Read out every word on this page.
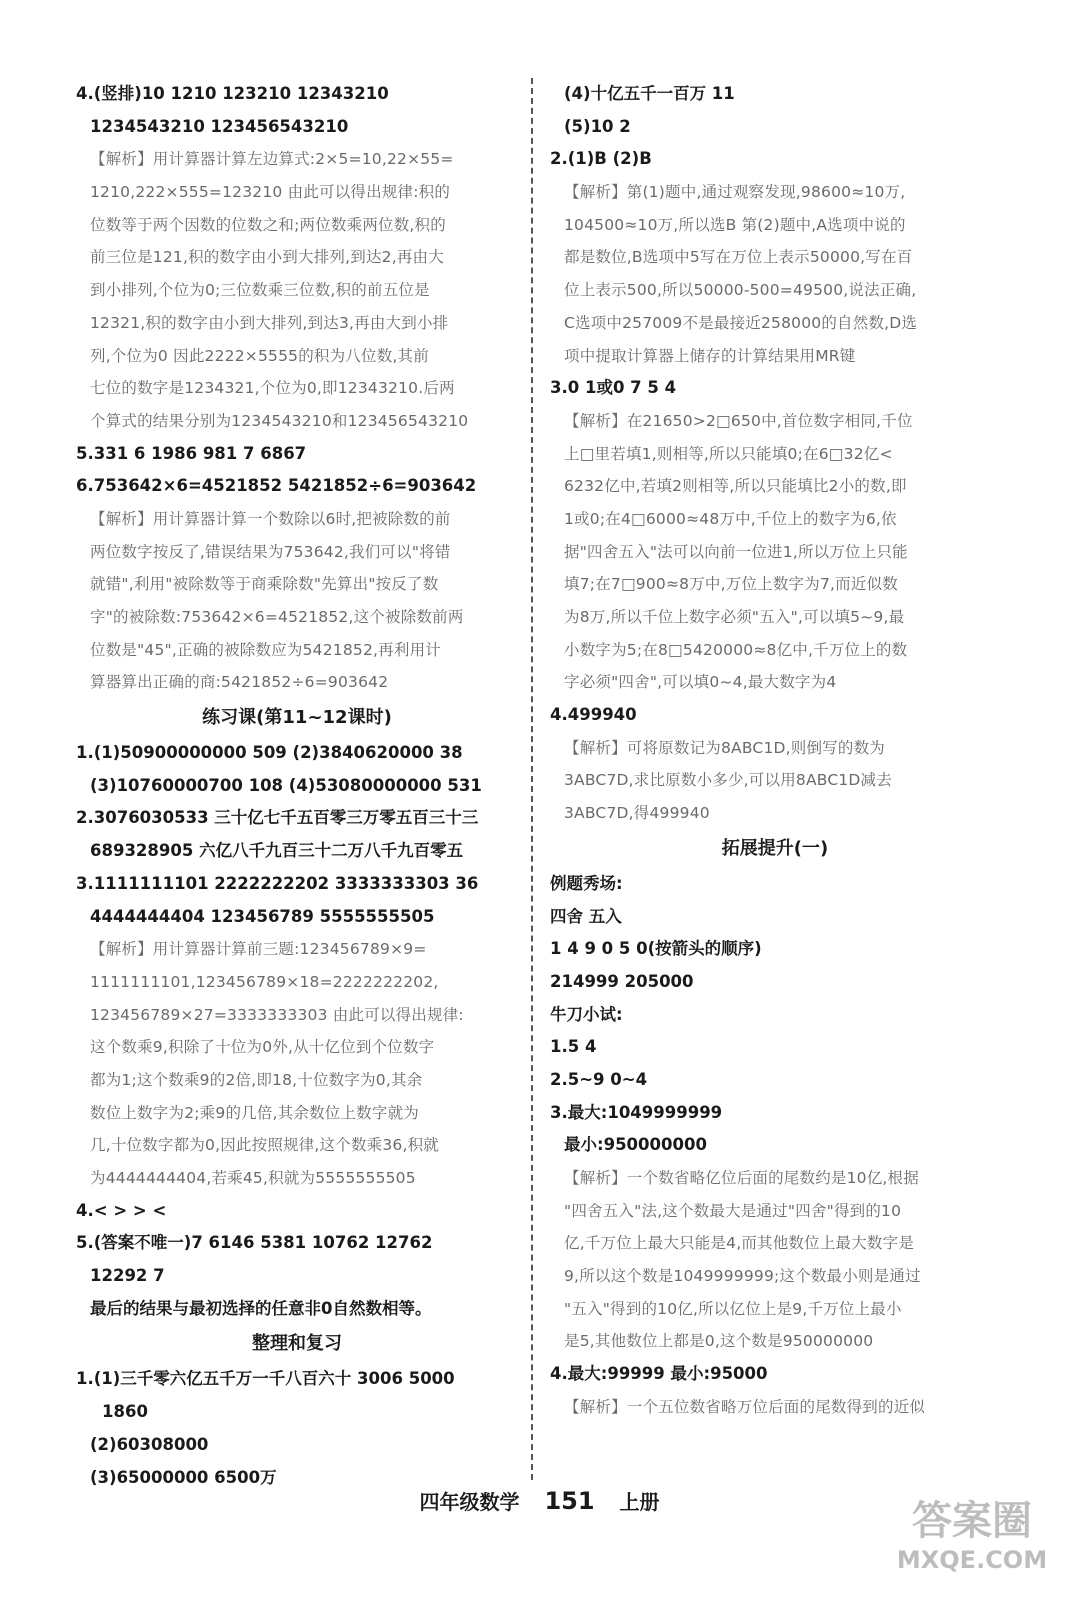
4.(竖排)10 1210 123210 12343210
1234543210 123456543210
【解析】用计算器计算左边算式:2×5=10,22×55=
1210,222×555=123210 由此可以得出规律:积的
位数等于两个因数的位数之和;两位数乘两位数,积的
前三位是121,积的数字由小到大排列,到达2,再由大
到小排列,个位为0;三位数乘三位数,积的前五位是
12321,积的数字由小到大排列,到达3,再由大到小排
列,个位为0 因此2222×5555的积为八位数,其前
七位的数字是1234321,个位为0,即12343210.后两
个算式的结果分别为1234543210和123456543210
5.331 6 1986 981 7 6867
6.753642×6=4521852 5421852÷6=903642
【解析】用计算器计算一个数除以6时,把被除数的前
两位数字按反了,错误结果为753642,我们可以"将错
就错",利用"被除数等于商乘除数"先算出"按反了数
字"的被除数:753642×6=4521852,这个被除数前两
位数是"45",正确的被除数应为5421852,再利用计
算器算出正确的商:5421852÷6=903642
练习课(第11~12课时)
1.(1)50900000000 509 (2)3840620000 38
(3)10760000700 108 (4)53080000000 531
2.3076030533 三十亿七千五百零三万零五百三十三
689328905 六亿八千九百三十二万八千九百零五
3.1111111101 2222222202 3333333303 36
4444444404 123456789 5555555505
【解析】用计算器计算前三题:123456789×9=
1111111101,123456789×18=2222222202,
123456789×27=3333333303 由此可以得出规律:
这个数乘9,积除了十位为0外,从十亿位到个位数字
都为1;这个数乘9的2倍,即18,十位数字为0,其余
数位上数字为2;乘9的几倍,其余数位上数字就为
几,十位数字都为0,因此按照规律,这个数乘36,积就
为4444444404,若乘45,积就为5555555505
4.< > > <
5.(答案不唯一)7 6146 5381 10762 12762
12292 7
最后的结果与最初选择的任意非0自然数相等。
整理和复习
1.(1)三千零六亿五千万一千八百六十 3006 5000
1860
(2)60308000
(3)65000000 6500万
(4)十亿五千一百万 11
(5)10 2
2.(1)B (2)B
【解析】第(1)题中,通过观察发现,98600≈10万,
104500≈10万,所以选B 第(2)题中,A选项中说的
都是数位,B选项中5写在万位上表示50000,写在百
位上表示500,所以50000-500=49500,说法正确,
C选项中257009不是最接近258000的自然数,D选
项中提取计算器上储存的计算结果用MR键
3.0 1或0 7 5 4
【解析】在21650>2□650中,首位数字相同,千位
上□里若填1,则相等,所以只能填0;在6□32亿<
6232亿中,若填2则相等,所以只能填比2小的数,即
1或0;在4□6000≈48万中,千位上的数字为6,依
据"四舍五入"法可以向前一位进1,所以万位上只能
填7;在7□900≈8万中,万位上数字为7,而近似数
为8万,所以千位上数字必须"五入",可以填5~9,最
小数字为5;在8□5420000≈8亿中,千万位上的数
字必须"四舍",可以填0~4,最大数字为4
4.499940
【解析】可将原数记为8ABC1D,则倒写的数为
3ABC7D,求比原数小多少,可以用8ABC1D减去
3ABC7D,得499940
拓展提升(一)
例题秀场:
四舍 五入
1 4 9 0 5 0(按箭头的顺序)
214999 205000
牛刀小试:
1.5 4
2.5~9 0~4
3.最大:1049999999
最小:950000000
【解析】一个数省略亿位后面的尾数约是10亿,根据
"四舍五入"法,这个数最大是通过"四舍"得到的10
亿,千万位上最大只能是4,而其他数位上最大数字是
9,所以这个数是1049999999;这个数最小则是通过
"五入"得到的10亿,所以亿位上是9,千万位上最小
是5,其他数位上都是0,这个数是950000000
4.最大:99999 最小:95000
【解析】一个五位数省略万位后面的尾数得到的近似
四年级数学 151 上册	答案圈
MXQE.COM
